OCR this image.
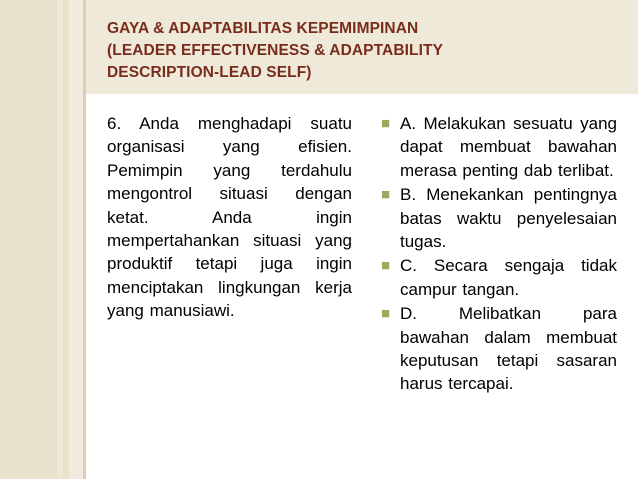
GAYA & ADAPTABILITAS KEPEMIMPINAN
(LEADER EFFECTIVENESS & ADAPTABILITY
DESCRIPTION-LEAD SELF)
6. Anda menghadapi suatu organisasi yang efisien. Pemimpin yang terdahulu mengontrol situasi dengan ketat. Anda ingin mempertahankan situasi yang produktif tetapi juga ingin menciptakan lingkungan kerja yang manusiawi.
■ A. Melakukan sesuatu yang dapat membuat bawahan merasa penting dab terlibat.
■ B. Menekankan pentingnya batas waktu penyelesaian tugas.
■ C. Secara sengaja tidak campur tangan.
■ D. Melibatkan para bawahan dalam membuat keputusan tetapi sasaran harus tercapai.
